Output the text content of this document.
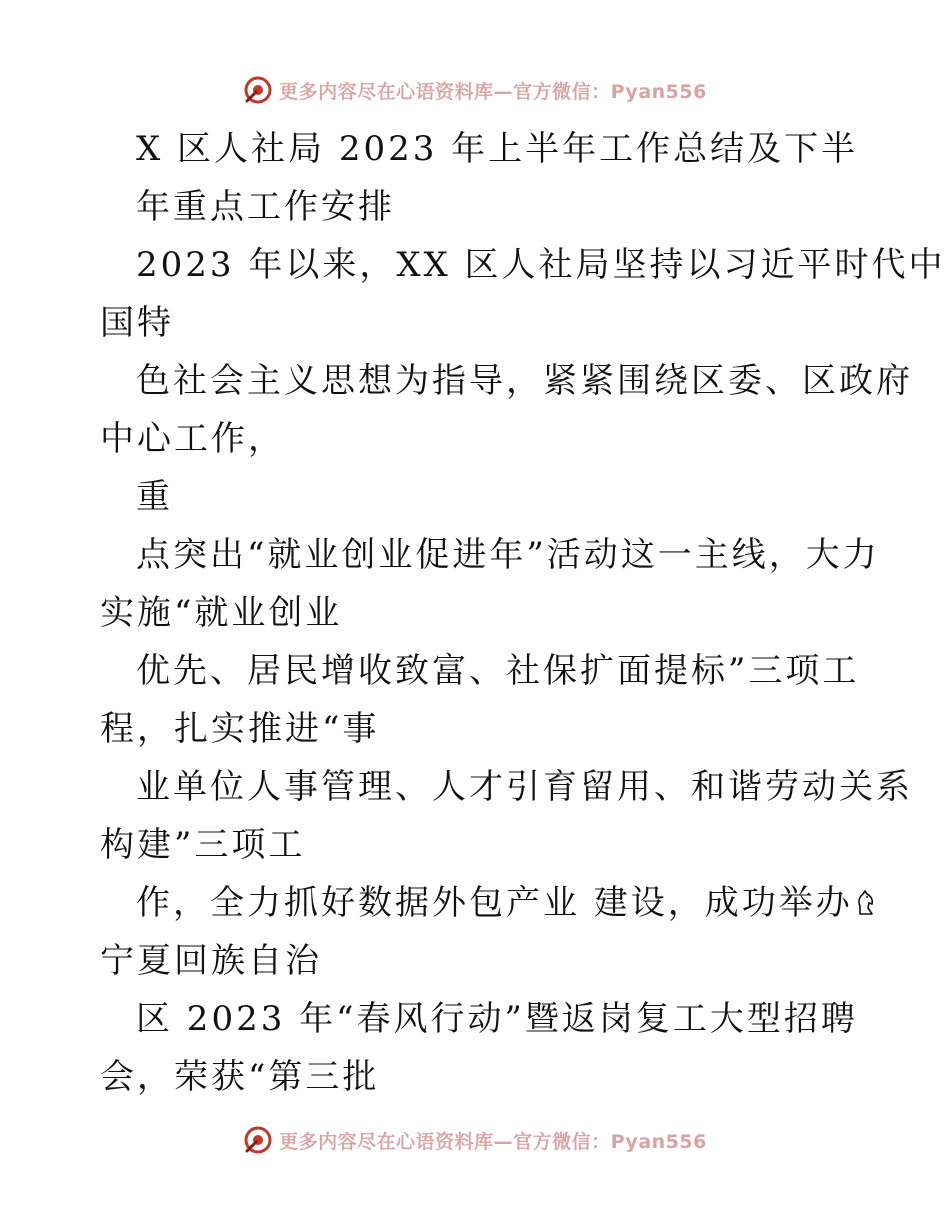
更多内容尽在心语资料库—官方微信：Pyan556
X 区人社局 2023 年上半年工作总结及下半
年重点工作安排
2023 年以来，XX 区人社局坚持以习近平时代中
国特
色社会主义思想为指导，紧紧围绕区委、区政府
中心工作，
重
点突出“就业创业促进年”活动这一主线，大力
实施“就业创业
优先、居民增收致富、社保扩面提标”三项工
程，扎实推进“事
业单位人事管理、人才引育留用、和谐劳动关系
构建”三项工
作，全力抓好数据外包产业 建设，成功举办
宁夏回族自治
区 2023 年“春风行动”暨返岗复工大型招聘
会，荣获“第三批
更多内容尽在心语资料库—官方微信：Pyan556
